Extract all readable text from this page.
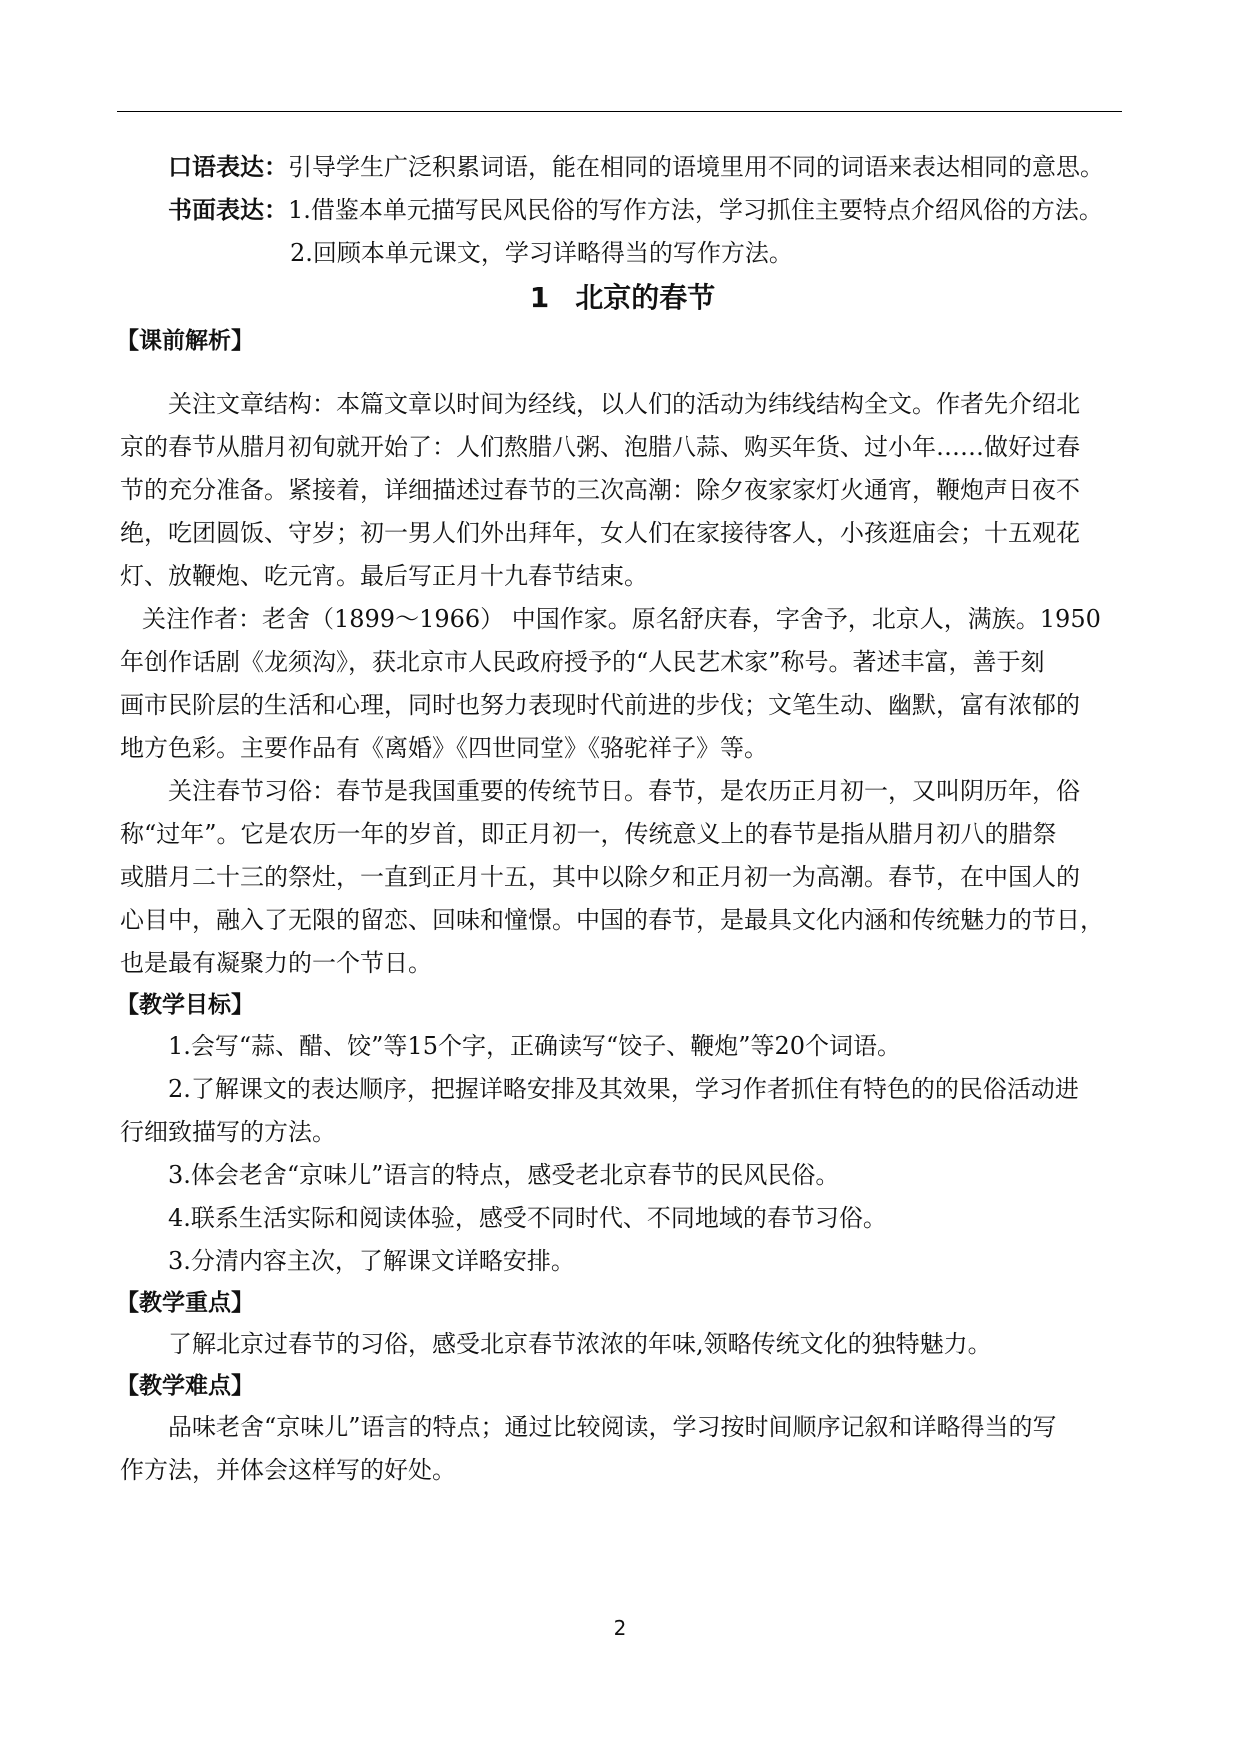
口语表达：引导学生广泛积累词语，能在相同的语境里用不同的词语来表达相同的意思。
书面表达：1.借鉴本单元描写民风民俗的写作方法，学习抓住主要特点介绍风俗的方法。
2.回顾本单元课文，学习详略得当的写作方法。
1 北京的春节
【课前解析】
关注文章结构：本篇文章以时间为经线，以人们的活动为纬线结构全文。作者先介绍北
京的春节从腊月初旬就开始了：人们熬腊八粥、泡腊八蒜、购买年货、过小年……做好过春
节的充分准备。紧接着，详细描述过春节的三次高潮：除夕夜家家灯火通宵，鞭炮声日夜不
绝，吃团圆饭、守岁；初一男人们外出拜年，女人们在家接待客人，小孩逛庙会；十五观花
灯、放鞭炮、吃元宵。最后写正月十九春节结束。
关注作者：老舍（1899～1966） 中国作家。原名舒庆春，字舍予，北京人，满族。1950
年创作话剧《龙须沟》，获北京市人民政府授予的“人民艺术家”称号。著述丰富，善于刻
画市民阶层的生活和心理，同时也努力表现时代前进的步伐；文笔生动、幽默，富有浓郁的
地方色彩。主要作品有《离婚》《四世同堂》《骆驼祥子》等。
关注春节习俗：春节是我国重要的传统节日。春节，是农历正月初一，又叫阴历年，俗
称“过年”。它是农历一年的岁首，即正月初一，传统意义上的春节是指从腊月初八的腊祭
或腊月二十三的祭灶，一直到正月十五，其中以除夕和正月初一为高潮。春节，在中国人的
心目中，融入了无限的留恋、回味和憧憬。中国的春节，是最具文化内涵和传统魅力的节日，
也是最有凝聚力的一个节日。
【教学目标】
1.会写“蒜、醋、饺”等15个字，正确读写“饺子、鞭炮”等20个词语。
2.了解课文的表达顺序，把握详略安排及其效果，学习作者抓住有特色的的民俗活动进
行细致描写的方法。
3.体会老舍“京味儿”语言的特点，感受老北京春节的民风民俗。
4.联系生活实际和阅读体验，感受不同时代、不同地域的春节习俗。
3.分清内容主次，了解课文详略安排。
【教学重点】
了解北京过春节的习俗，感受北京春节浓浓的年味,领略传统文化的独特魅力。
【教学难点】
品味老舍“京味儿”语言的特点；通过比较阅读，学习按时间顺序记叙和详略得当的写
作方法，并体会这样写的好处。
2
